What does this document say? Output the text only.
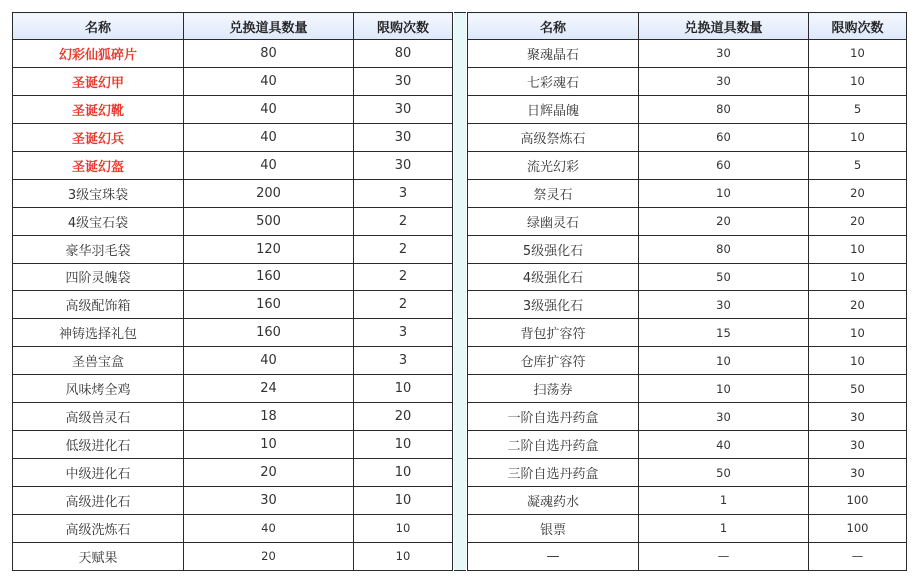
名称	兑换道具数量	限购次数
幻彩仙狐碎片	80	80
圣诞幻甲	40	30
圣诞幻靴	40	30
圣诞幻兵	40	30
圣诞幻盔	40	30
3级宝珠袋	200	3
4级宝石袋	500	2
豪华羽毛袋	120	2
四阶灵魄袋	160	2
高级配饰箱	160	2
神铸选择礼包	160	3
圣兽宝盒	40	3
风味烤全鸡	24	10
高级兽灵石	18	20
低级进化石	10	10
中级进化石	20	10
高级进化石	30	10
高级洗炼石	40	10
天赋果	20	10
名称	兑换道具数量	限购次数
聚魂晶石	30	10
七彩魂石	30	10
日辉晶魄	80	5
高级祭炼石	60	10
流光幻彩	60	5
祭灵石	10	20
绿幽灵石	20	20
5级强化石	80	10
4级强化石	50	10
3级强化石	30	20
背包扩容符	15	10
仓库扩容符	10	10
扫荡券	10	50
一阶自选丹药盒	30	30
二阶自选丹药盒	40	30
三阶自选丹药盒	50	30
凝魂药水	1	100
银票	1	100
—	—	—
